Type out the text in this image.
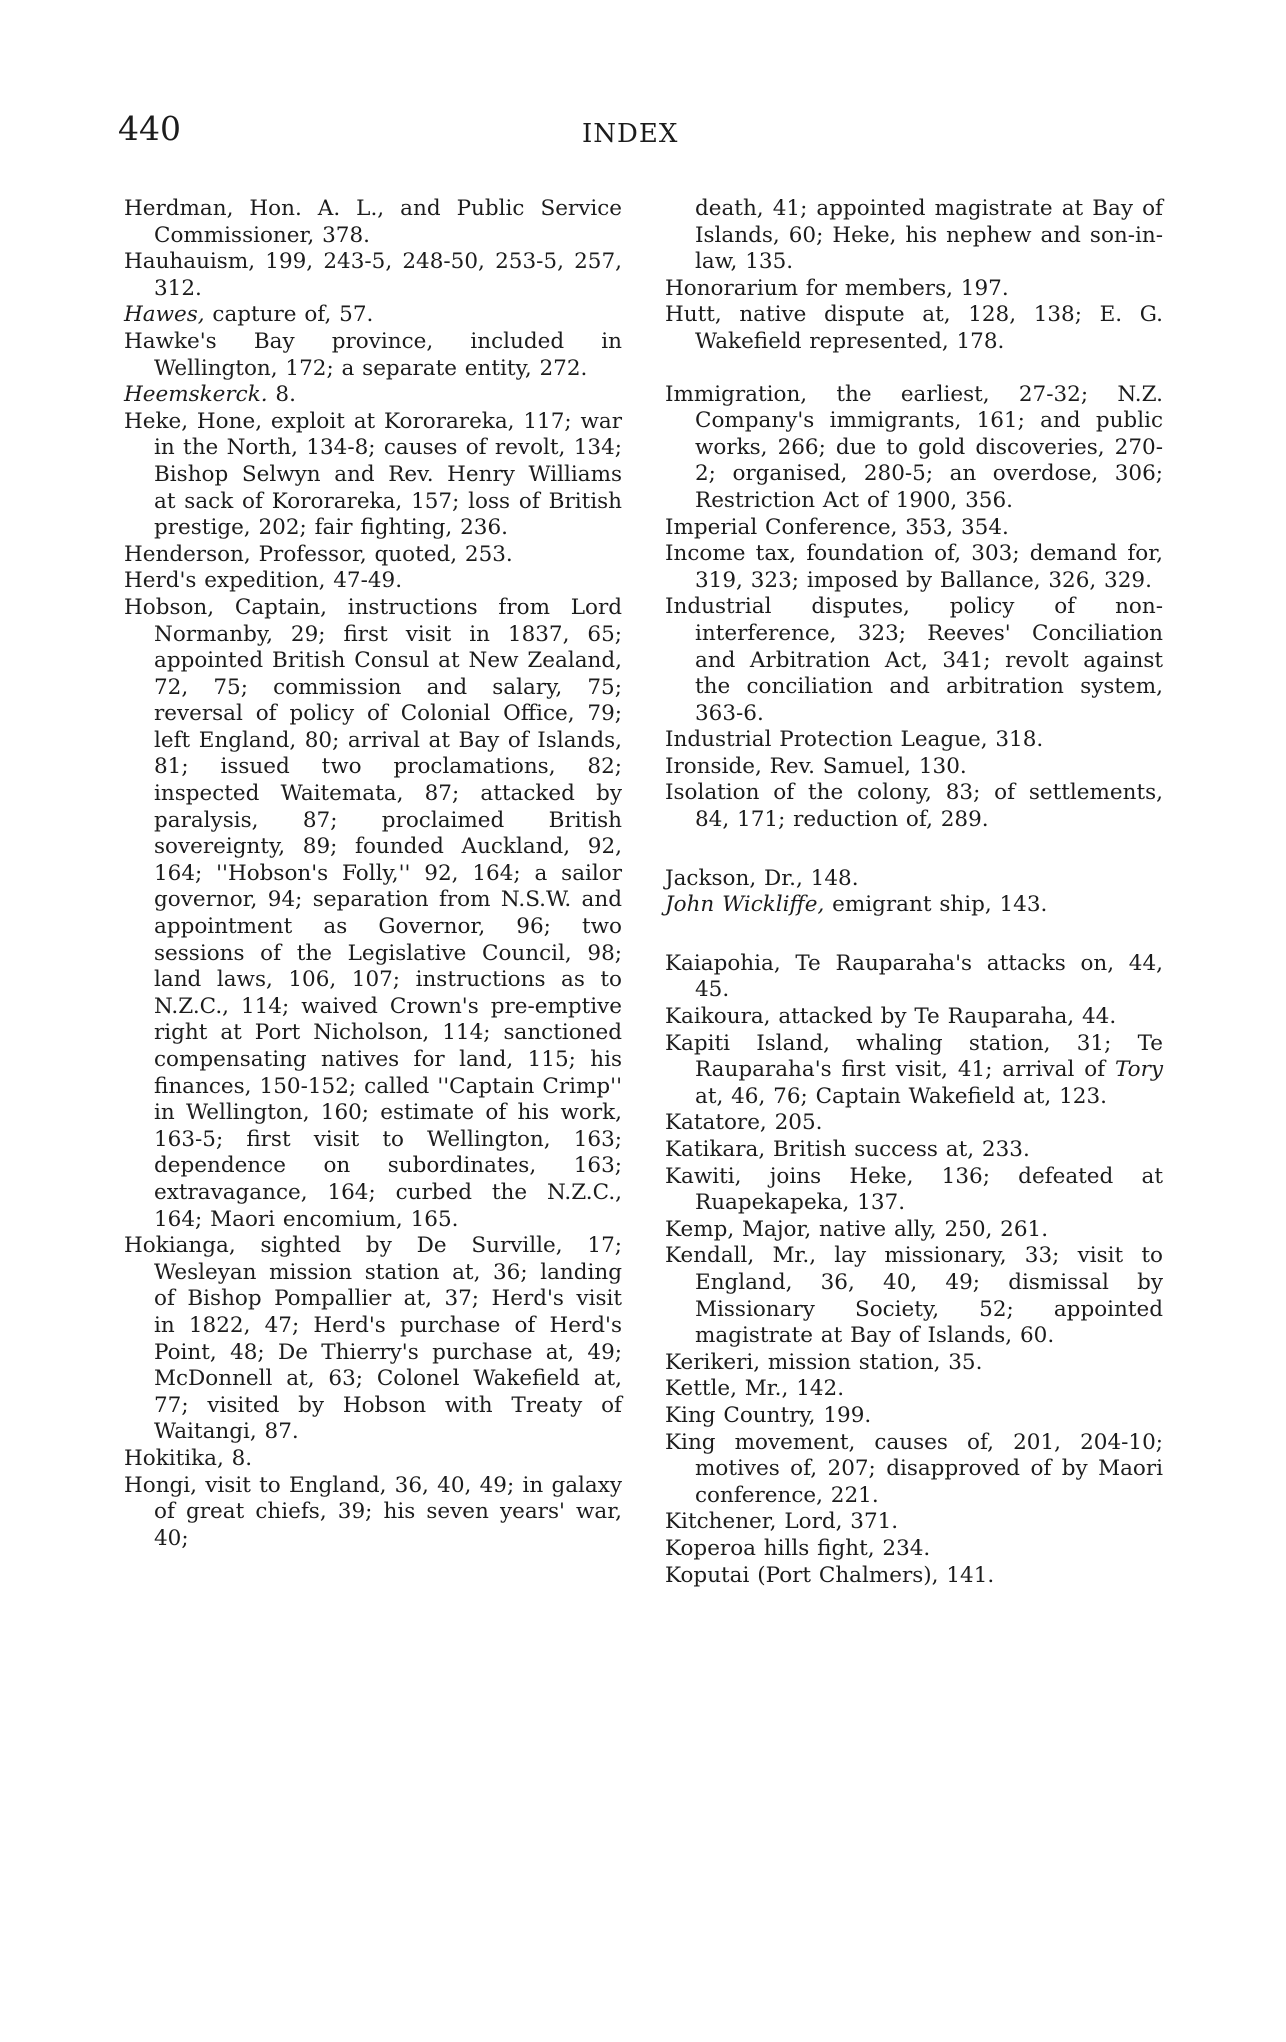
440	INDEX
Herdman, Hon. A. L., and Public Service Commissioner, 378.
Hauhauism, 199, 243-5, 248-50, 253-5, 257, 312.
Hawes, capture of, 57.
Hawke's Bay province, included in Wellington, 172; a separate entity, 272.
Heemskerck. 8.
Heke, Hone, exploit at Kororareka, 117; war in the North, 134-8; causes of revolt, 134; Bishop Selwyn and Rev. Henry Williams at sack of Kororareka, 157; loss of British prestige, 202; fair fighting, 236.
Henderson, Professor, quoted, 253.
Herd's expedition, 47-49.
Hobson, Captain, instructions from Lord Normanby, 29; first visit in 1837, 65; appointed British Consul at New Zealand, 72, 75; commission and salary, 75; reversal of policy of Colonial Office, 79; left England, 80; arrival at Bay of Islands, 81; issued two proclamations, 82; inspected Waitemata, 87; attacked by paralysis, 87; proclaimed British sovereignty, 89; founded Auckland, 92, 164; ''Hobson's Folly,'' 92, 164; a sailor governor, 94; separation from N.S.W. and appointment as Governor, 96; two sessions of the Legislative Council, 98; land laws, 106, 107; instructions as to N.Z.C., 114; waived Crown's pre-emptive right at Port Nicholson, 114; sanctioned compensating natives for land, 115; his finances, 150-152; called ''Captain Crimp'' in Wellington, 160; estimate of his work, 163-5; first visit to Wellington, 163; dependence on subordinates, 163; extravagance, 164; curbed the N.Z.C., 164; Maori encomium, 165.
Hokianga, sighted by De Surville, 17; Wesleyan mission station at, 36; landing of Bishop Pompallier at, 37; Herd's visit in 1822, 47; Herd's purchase of Herd's Point, 48; De Thierry's purchase at, 49; McDonnell at, 63; Colonel Wakefield at, 77; visited by Hobson with Treaty of Waitangi, 87.
Hokitika, 8.
Hongi, visit to England, 36, 40, 49; in galaxy of great chiefs, 39; his seven years' war, 40;
death, 41; appointed magistrate at Bay of Islands, 60; Heke, his nephew and son-in-law, 135.
Honorarium for members, 197.
Hutt, native dispute at, 128, 138; E. G. Wakefield represented, 178.
Immigration, the earliest, 27-32; N.Z. Company's immigrants, 161; and public works, 266; due to gold discoveries, 270-2; organised, 280-5; an overdose, 306; Restriction Act of 1900, 356.
Imperial Conference, 353, 354.
Income tax, foundation of, 303; demand for, 319, 323; imposed by Ballance, 326, 329.
Industrial disputes, policy of non-interference, 323; Reeves' Conciliation and Arbitration Act, 341; revolt against the conciliation and arbitration system, 363-6.
Industrial Protection League, 318.
Ironside, Rev. Samuel, 130.
Isolation of the colony, 83; of settlements, 84, 171; reduction of, 289.
Jackson, Dr., 148.
John Wickliffe, emigrant ship, 143.
Kaiapohia, Te Rauparaha's attacks on, 44, 45.
Kaikoura, attacked by Te Rauparaha, 44.
Kapiti Island, whaling station, 31; Te Rauparaha's first visit, 41; arrival of Tory at, 46, 76; Captain Wakefield at, 123.
Katatore, 205.
Katikara, British success at, 233.
Kawiti, joins Heke, 136; defeated at Ruapekapeka, 137.
Kemp, Major, native ally, 250, 261.
Kendall, Mr., lay missionary, 33; visit to England, 36, 40, 49; dismissal by Missionary Society, 52; appointed magistrate at Bay of Islands, 60.
Kerikeri, mission station, 35.
Kettle, Mr., 142.
King Country, 199.
King movement, causes of, 201, 204-10; motives of, 207; disapproved of by Maori conference, 221.
Kitchener, Lord, 371.
Koperoa hills fight, 234.
Koputai (Port Chalmers), 141.
